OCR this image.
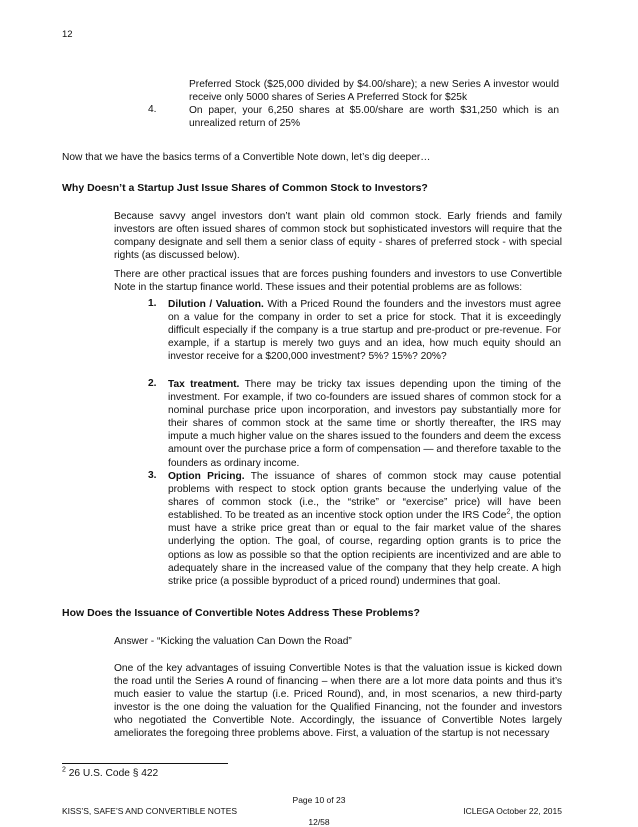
12
Preferred Stock ($25,000 divided by $4.00/share); a new Series A investor would receive only 5000 shares of Series A Preferred Stock for $25k
4.	On paper, your 6,250 shares at $5.00/share are worth $31,250 which is an unrealized return of 25%
Now that we have the basics terms of a Convertible Note down, let’s dig deeper…
Why Doesn’t a Startup Just Issue Shares of Common Stock to Investors?
Because savvy angel investors don’t want plain old common stock. Early friends and family investors are often issued shares of common stock but sophisticated investors will require that the company designate and sell them a senior class of equity - shares of preferred stock - with special rights (as discussed below).
There are other practical issues that are forces pushing founders and investors to use Convertible Note in the startup finance world. These issues and their potential problems are as follows:
1. Dilution / Valuation. With a Priced Round the founders and the investors must agree on a value for the company in order to set a price for stock. That it is exceedingly difficult especially if the company is a true startup and pre-product or pre-revenue. For example, if a startup is merely two guys and an idea, how much equity should an investor receive for a $200,000 investment? 5%? 15%? 20%?
2. Tax treatment. There may be tricky tax issues depending upon the timing of the investment. For example, if two co-founders are issued shares of common stock for a nominal purchase price upon incorporation, and investors pay substantially more for their shares of common stock at the same time or shortly thereafter, the IRS may impute a much higher value on the shares issued to the founders and deem the excess amount over the purchase price a form of compensation — and therefore taxable to the founders as ordinary income.
3. Option Pricing. The issuance of shares of common stock may cause potential problems with respect to stock option grants because the underlying value of the shares of common stock (i.e., the “strike” or “exercise” price) will have been established. To be treated as an incentive stock option under the IRS Code$^2$, the option must have a strike price great than or equal to the fair market value of the shares underlying the option. The goal, of course, regarding option grants is to price the options as low as possible so that the option recipients are incentivized and are able to adequately share in the increased value of the company that they help create. A high strike price (a possible byproduct of a priced round) undermines that goal.
How Does the Issuance of Convertible Notes Address These Problems?
Answer - “Kicking the valuation Can Down the Road”
One of the key advantages of issuing Convertible Notes is that the valuation issue is kicked down the road until the Series A round of financing – when there are a lot more data points and thus it’s much easier to value the startup (i.e. Priced Round), and, in most scenarios, a new third-party investor is the one doing the valuation for the Qualified Financing, not the founder and investors who negotiated the Convertible Note. Accordingly, the issuance of Convertible Notes largely ameliorates the foregoing three problems above. First, a valuation of the startup is not necessary
$^2$ 26 U.S. Code § 422
Page 10 of 23
KISS’S, SAFE’S AND CONVERTIBLE NOTES	ICLEGA October 22, 2015
12/58
